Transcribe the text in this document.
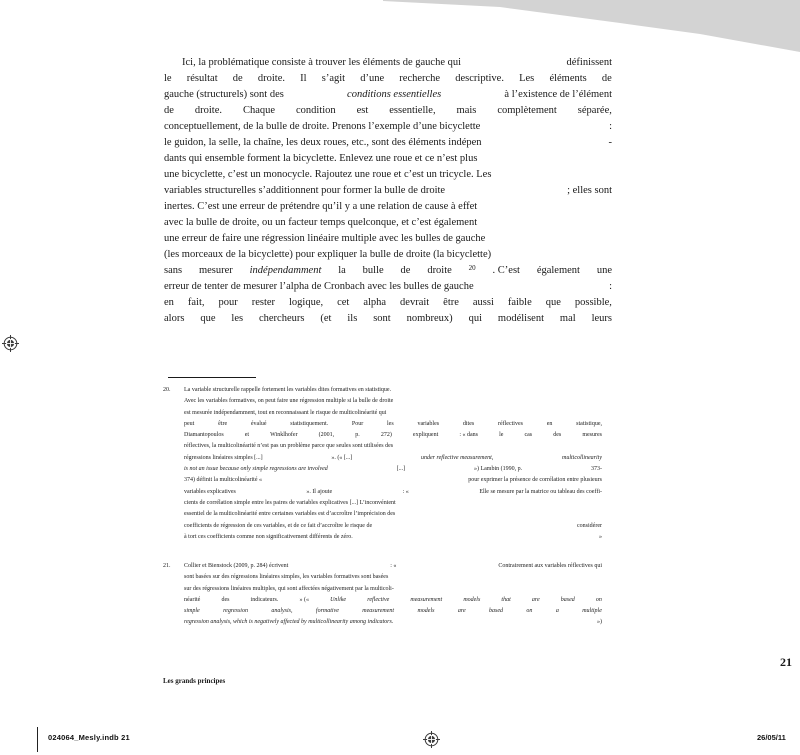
Ici, la problématique consiste à trouver les éléments de gauche qui	définissent
le résultat de droite. Il s’agit d’une recherche descriptive. Les éléments de
gauche (structurels) sont des	conditions essentielles	à l’existence de l’élément
de droite. Chaque condition est essentielle, mais complètement séparée,
conceptuellement, de la bulle de droite. Prenons l’exemple d’une bicyclette	:
le guidon, la selle, la chaîne, les deux roues, etc., sont des éléments indépen	-
dants qui ensemble forment la bicyclette. Enlevez une roue et ce n’est plus
une bicyclette, c’est un monocycle. Rajoutez une roue et c’est un tricycle. Les
variables structurelles s’additionnent pour former la bulle de droite	; elles sont
inertes. C’est une erreur de prétendre qu’il y a une relation de cause à effet
avec la bulle de droite, ou un facteur temps quelconque, et c’est également
une erreur de faire une régression linéaire multiple avec les bulles de gauche
(les morceaux de la bicyclette) pour expliquer la bulle de droite (la bicyclette)
sans mesurer indépendamment la bulle de droite 20 . C’est également une
erreur de tenter de mesurer l’alpha de Cronbach avec les bulles de gauche	:
en fait, pour rester logique, cet alpha devrait être aussi faible que possible,
alors que les chercheurs (et ils sont nombreux) qui modélisent mal leurs
20. La variable structurelle rappelle fortement les variables dites formatives en statistique.
Avec les variables formatives, on peut faire une régression multiple si la bulle de droite
est mesurée indépendamment, tout en reconnaissant le risque de multicolinéarité qui
peut	être	évalué	statistiquement.	Pour	les	variables	dites	réflectives	en	statistique,
Diamantopoulos	et	Winklhofer	(2001,	p.	272)	expliquent	: « dans	le	cas	des	mesures
réflectives, la multicolinéarité n’est pas un problème parce que seules sont utilisées des
régressions linéaires simples [...]	». (« [...]	under reflective measurement,	multicollinearity
is not an issue because only simple regressions are involved	[...]	») Lambin (1990, p.	373-
374) définit la multicolinéarité «	pour exprimer la présence de corrélation entre plusieurs
variables explicatives	». Il ajoute	: «	Elle se mesure par la matrice ou tableau des coeffi-
cients de corrélation simple entre les paires de variables explicatives [...] L’inconvénient
essentiel de la multicolinéarité entre certaines variables est d’accroître l’imprécision des
coefficients de régression de ces variables, et de ce fait d’accroître le risque de	considérer
à tort ces coefficients comme non significativement différents de zéro.	»
21. Collier et Bienstock (2009, p. 284) écrivent	: «	Contrairement aux variables réflectives qui
sont basées sur des régressions linéaires simples, les variables formatives sont basées
sur des régressions linéaires multiples, qui sont affectées négativement par la multicoli-
néarité	des	indicateurs.	» («	Unlike	reflective	measurement	models	that	are	based	on
simple	regression	analysis,	formative	measurement	models	are	based	on	a	multiple
regression analysis, which is negatively affected by multicollinearity among indicators.	»)
21
Les grands principes
024064_Mesly.indb 21	26/05/11
